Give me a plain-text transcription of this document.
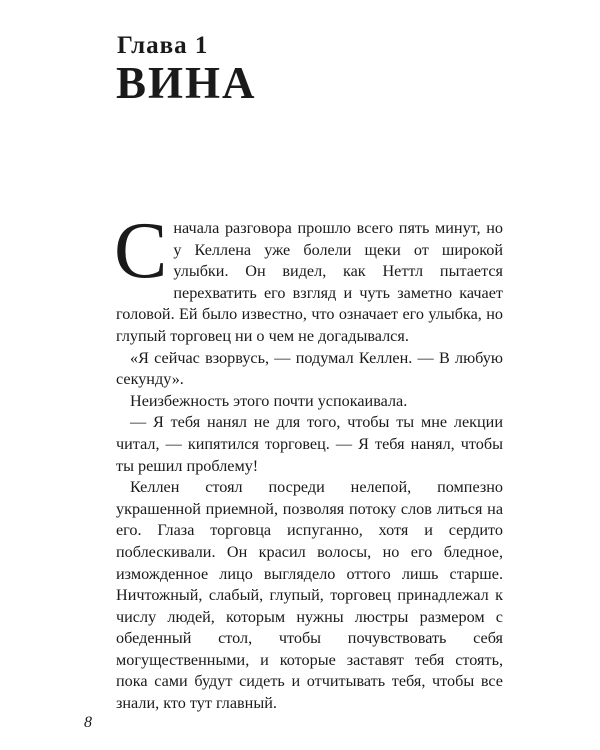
Глава 1
ВИНА

Сначала разговора прошло всего пять минут, но у Келлена уже болели щеки от широкой улыбки. Он видел, как Неттл пытается перехватить его взгляд и чуть заметно качает головой. Ей было известно, что означает его улыбка, но глупый торговец ни о чем не догадывался.

«Я сейчас взорвусь, — подумал Келлен. — В любую секунду».

Неизбежность этого почти успокаивала.

— Я тебя нанял не для того, чтобы ты мне лекции читал, — кипятился торговец. — Я тебя нанял, чтобы ты решил проблему!

Келлен стоял посреди нелепой, помпезно украшенной приемной, позволяя потоку слов литься на его. Глаза торговца испуганно, хотя и сердито поблескивали. Он красил волосы, но его бледное, изможденное лицо выглядело оттого лишь старше. Ничтожный, слабый, глупый, торговец принадлежал к числу людей, которым нужны люстры размером с обеденный стол, чтобы почувствовать себя могущественными, и которые заставят тебя стоять, пока сами будут сидеть и отчитывать тебя, чтобы все знали, кто тут главный.

8
